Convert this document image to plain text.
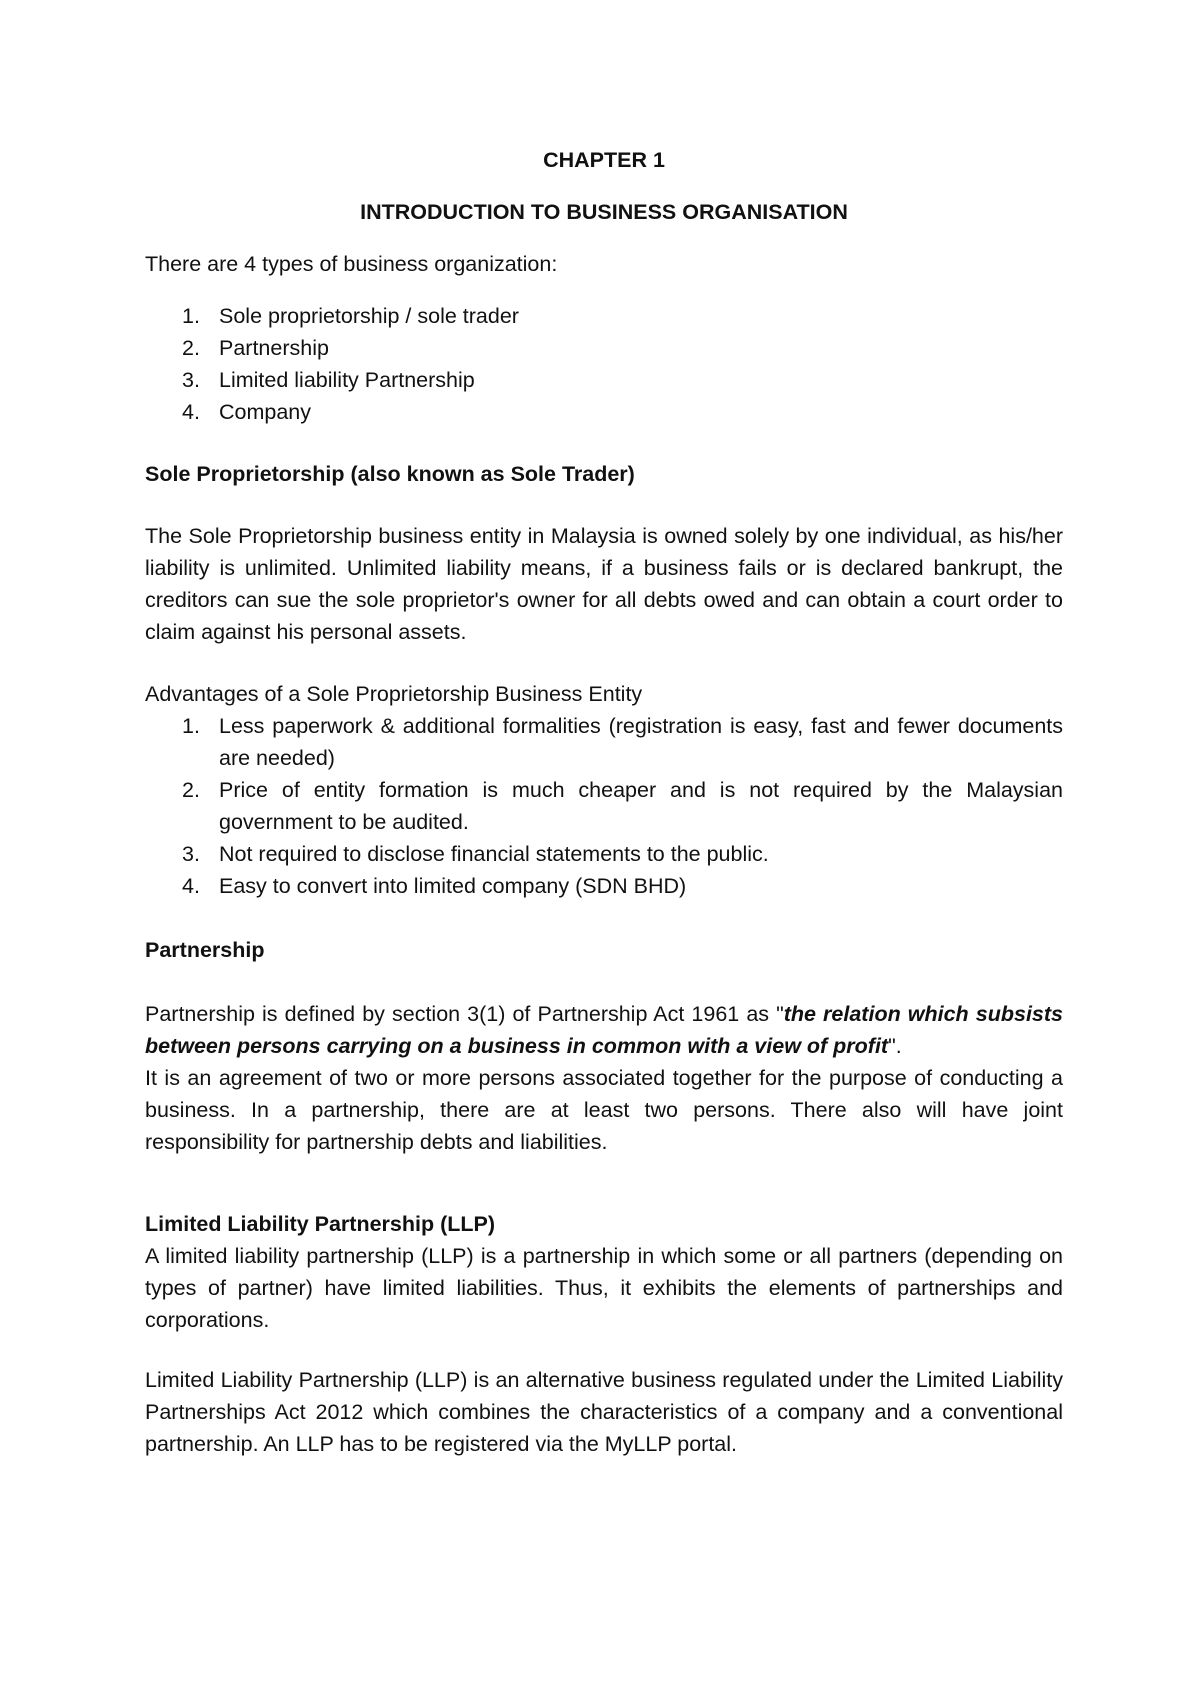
CHAPTER 1
INTRODUCTION TO BUSINESS ORGANISATION

There are 4 types of business organization:

1. Sole proprietorship / sole trader
2. Partnership
3. Limited liability Partnership
4. Company

Sole Proprietorship (also known as Sole Trader)

The Sole Proprietorship business entity in Malaysia is owned solely by one individual, as his/her liability is unlimited. Unlimited liability means, if a business fails or is declared bankrupt, the creditors can sue the sole proprietor's owner for all debts owed and can obtain a court order to claim against his personal assets.

Advantages of a Sole Proprietorship Business Entity

1. Less paperwork & additional formalities (registration is easy, fast and fewer documents are needed)
2. Price of entity formation is much cheaper and is not required by the Malaysian government to be audited.
3. Not required to disclose financial statements to the public.
4. Easy to convert into limited company (SDN BHD)

Partnership

Partnership is defined by section 3(1) of Partnership Act 1961 as "the relation which subsists between persons carrying on a business in common with a view of profit".

It is an agreement of two or more persons associated together for the purpose of conducting a business. In a partnership, there are at least two persons. There also will have joint responsibility for partnership debts and liabilities.

Limited Liability Partnership (LLP)

A limited liability partnership (LLP) is a partnership in which some or all partners (depending on types of partner) have limited liabilities. Thus, it exhibits the elements of partnerships and corporations.

Limited Liability Partnership (LLP) is an alternative business regulated under the Limited Liability Partnerships Act 2012 which combines the characteristics of a company and a conventional partnership. An LLP has to be registered via the MyLLP portal.
